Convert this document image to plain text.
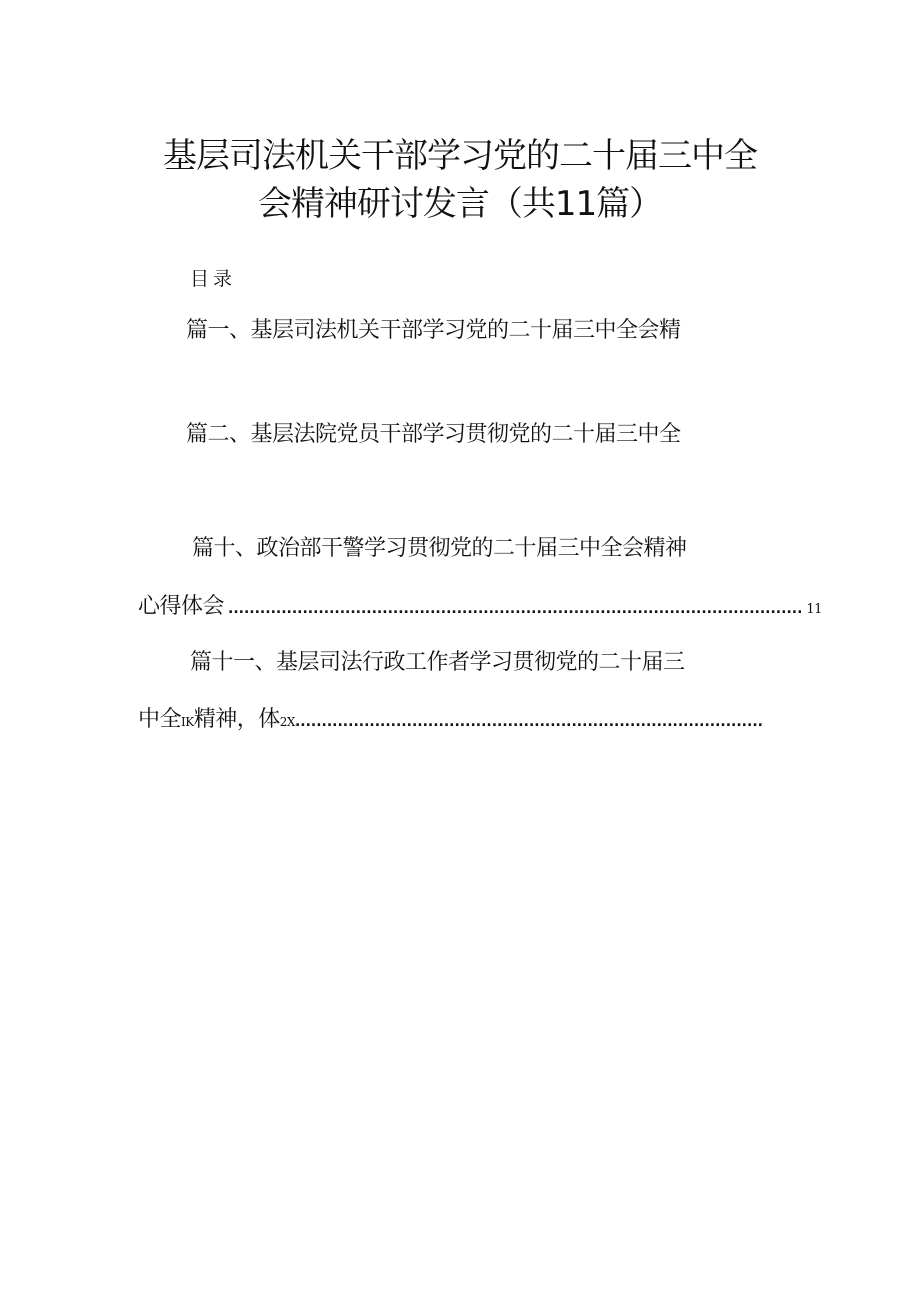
基层司法机关干部学习党的二十届三中全
会精神研讨发言（共11篇）
目录
篇一、基层司法机关干部学习党的二十届三中全会精
篇二、基层法院党员干部学习贯彻党的二十届三中全
篇十、政治部干警学习贯彻党的二十届三中全会精神
心得体会 ............................................................................................................ 11
篇十一、基层司法行政工作者学习贯彻党的二十届三
中全 IK 精神，体 2X ........................................................................................
